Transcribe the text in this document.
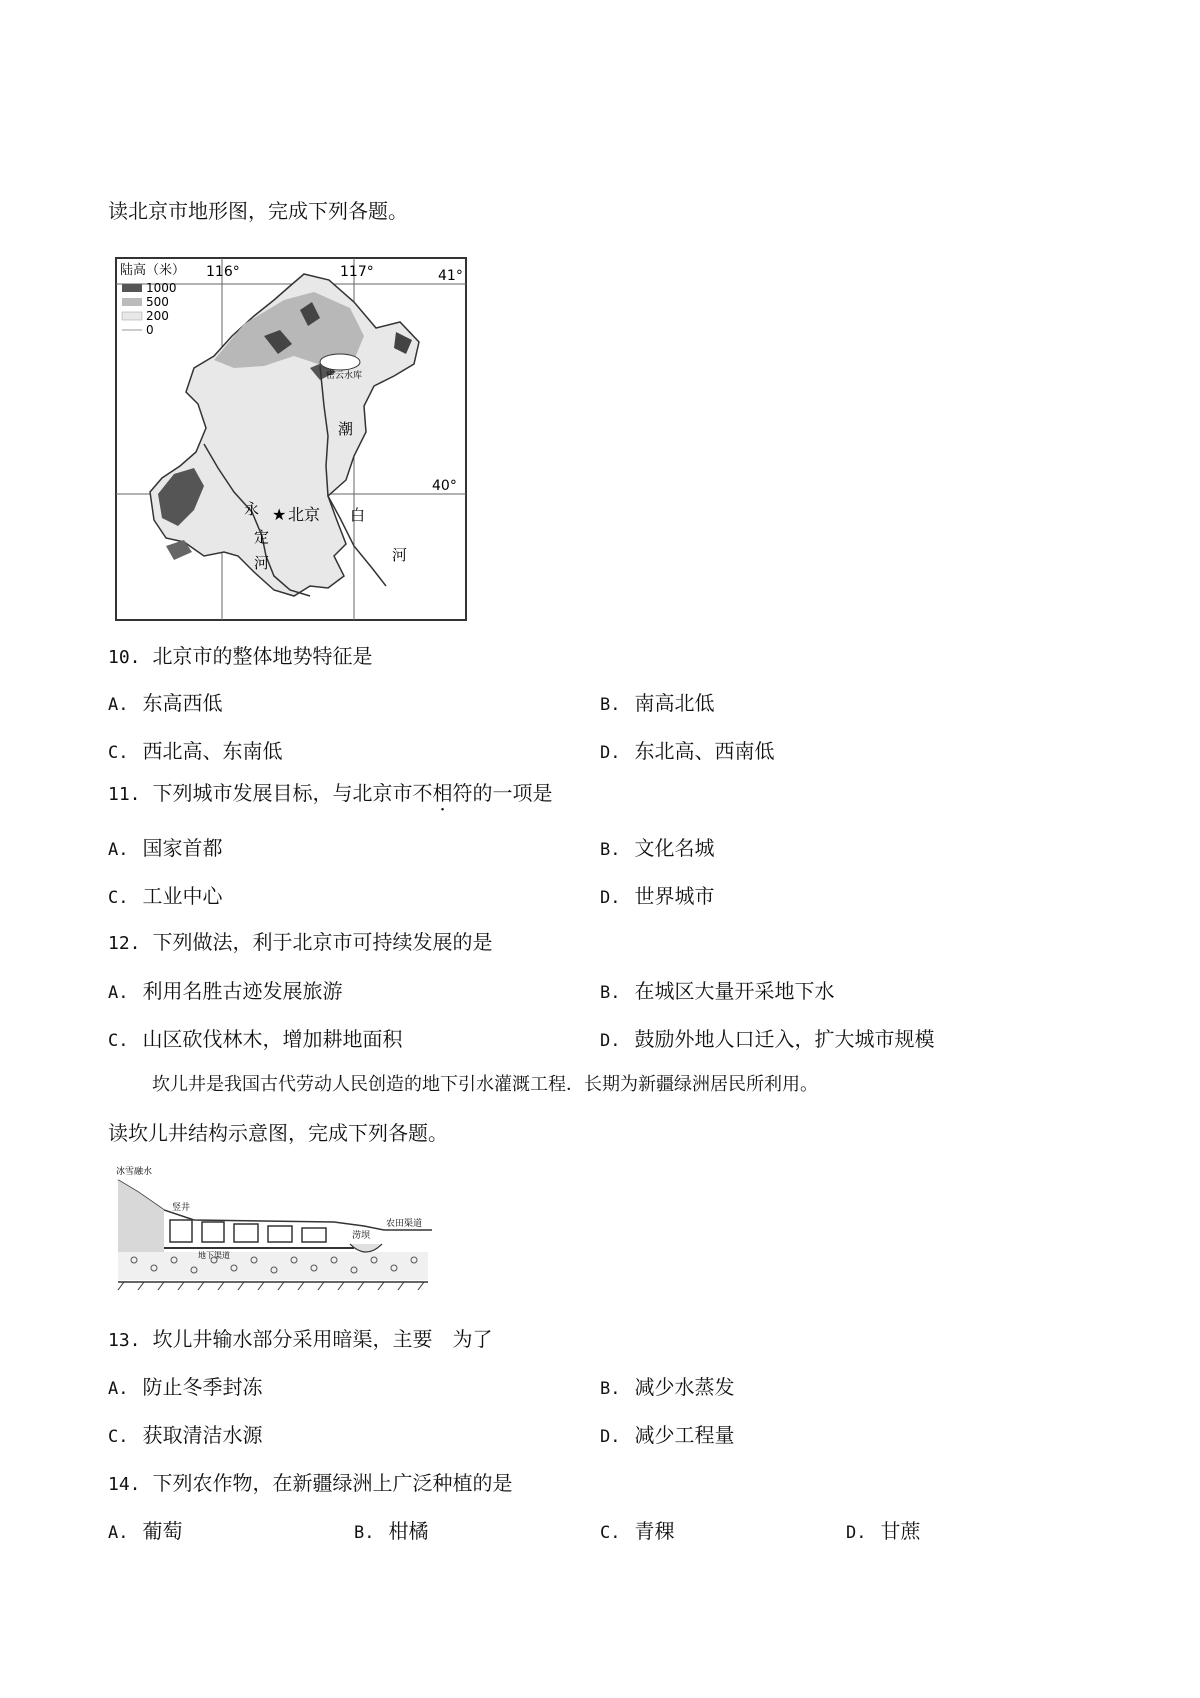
读北京市地形图，完成下列各题。
陆高（米）
1000
500
200
0
116°	117°	41°
40°
★ 北京
密云水库
永
定
河
潮
白
河
10. 北京市的整体地势特征是
A. 东高西低	B. 南高北低
C. 西北高、东南低	D. 东北高、西南低
11. 下列城市发展目标，与北京市不相符的一项是
A. 国家首都	B. 文化名城
C. 工业中心	D. 世界城市
12. 下列做法，利于北京市可持续发展的是
A. 利用名胜古迹发展旅游	B. 在城区大量开采地下水
C. 山区砍伐林木，增加耕地面积	D. 鼓励外地人口迁入，扩大城市规模
坎儿井是我国古代劳动人民创造的地下引水灌溉工程．长期为新疆绿洲居民所利用。
读坎儿井结构示意图，完成下列各题。
冰雪融水
竖井
地下渠道
涝坝
农田渠道
13. 坎儿井输水部分采用暗渠，主要　为了
A. 防止冬季封冻	B. 减少水蒸发
C. 获取清洁水源	D. 减少工程量
14. 下列农作物，在新疆绿洲上广泛种植的是
A. 葡萄	B. 柑橘	C. 青稞	D. 甘蔗
